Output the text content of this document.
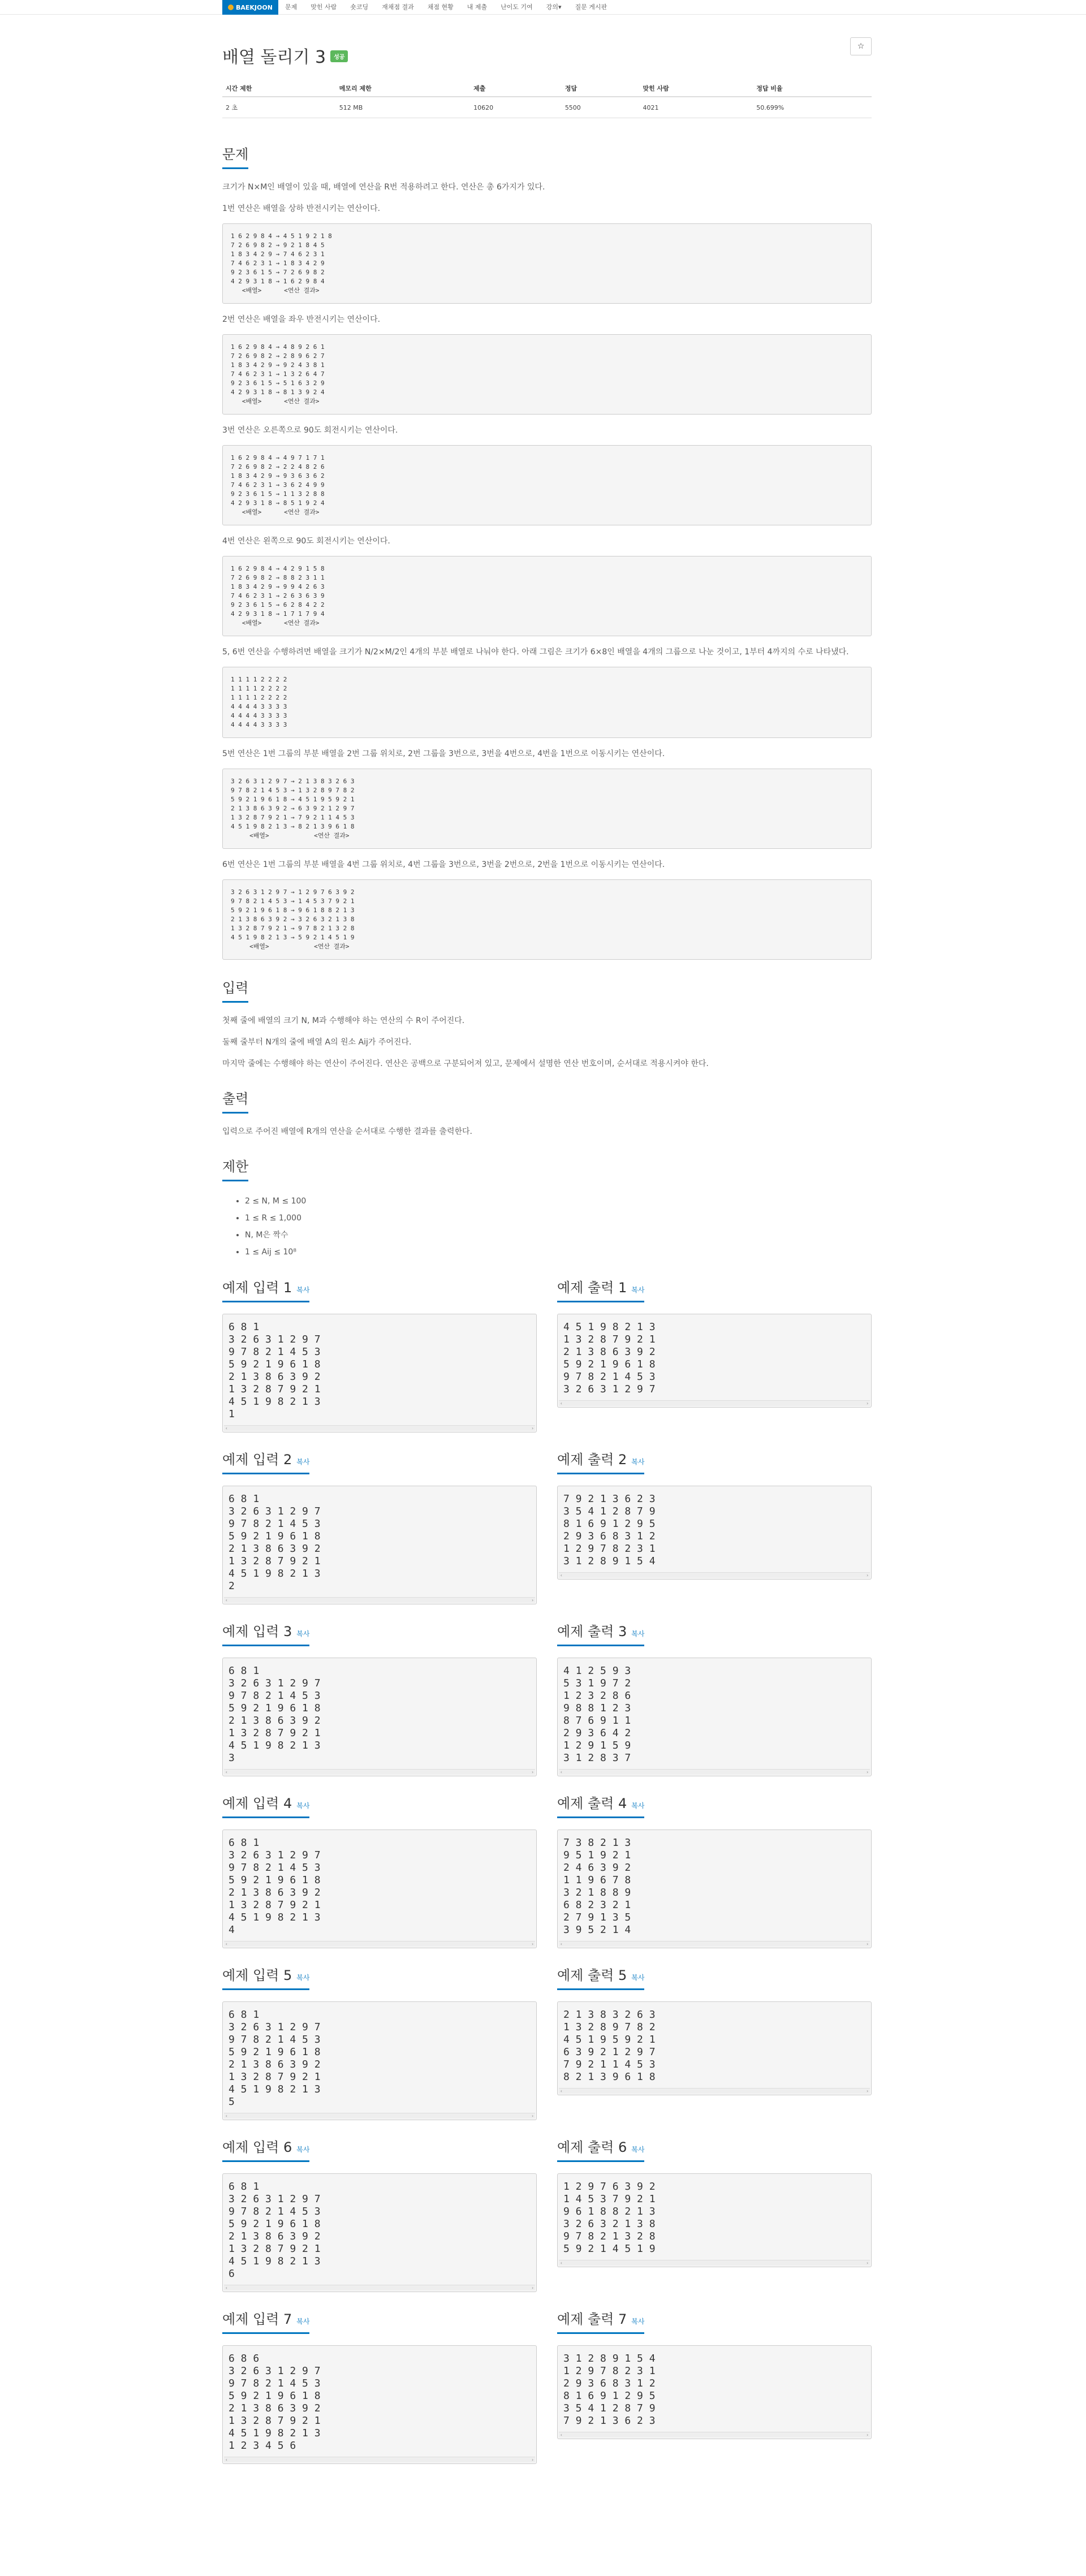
BAEKJOON	문제	맞힌 사람	숏코딩	재채점 결과	채점 현황	내 제출	난이도 기여	강의▾	질문 게시판
배열 돌리기 3 성공
☆
시간 제한	메모리 제한	제출	정답	맞힌 사람	정답 비율
2 초	512 MB	10620	5500	4021	50.699%
문제

크기가 N×M인 배열이 있을 때, 배열에 연산을 R번 적용하려고 한다. 연산은 총 6가지가 있다.

1번 연산은 배열을 상하 반전시키는 연산이다.

1 6 2 9 8 4 → 4 5 1 9 2 1 8
7 2 6 9 8 2 → 9 2 1 8 4 5
1 8 3 4 2 9 → 7 4 6 2 3 1
7 4 6 2 3 1 → 1 8 3 4 2 9
9 2 3 6 1 5 → 7 2 6 9 8 2
4 2 9 3 1 8 → 1 6 2 9 8 4
<배열>      <연산 결과>

2번 연산은 배열을 좌우 반전시키는 연산이다.

1 6 2 9 8 4 → 4 8 9 2 6 1
7 2 6 9 8 2 → 2 8 9 6 2 7
1 8 3 4 2 9 → 9 2 4 3 8 1
7 4 6 2 3 1 → 1 3 2 6 4 7
9 2 3 6 1 5 → 5 1 6 3 2 9
4 2 9 3 1 8 → 8 1 3 9 2 4
<배열>      <연산 결과>

3번 연산은 오른쪽으로 90도 회전시키는 연산이다.

1 6 2 9 8 4 → 4 9 7 1 7 1
7 2 6 9 8 2 → 2 2 4 8 2 6
1 8 3 4 2 9 → 9 3 6 3 6 2
7 4 6 2 3 1 → 3 6 2 4 9 9
9 2 3 6 1 5 → 1 1 3 2 8 8
4 2 9 3 1 8 → 8 5 1 9 2 4
<배열>      <연산 결과>

4번 연산은 왼쪽으로 90도 회전시키는 연산이다.

1 6 2 9 8 4 → 4 2 9 1 5 8
7 2 6 9 8 2 → 8 8 2 3 1 1
1 8 3 4 2 9 → 9 9 4 2 6 3
7 4 6 2 3 1 → 2 6 3 6 3 9
9 2 3 6 1 5 → 6 2 8 4 2 2
4 2 9 3 1 8 → 1 7 1 7 9 4
<배열>      <연산 결과>

5, 6번 연산을 수행하려면 배열을 크기가 N/2×M/2인 4개의 부분 배열로 나눠야 한다. 아래 그림은 크기가 6×8인 배열을 4개의 그룹으로 나눈 것이고, 1부터 4까지의 수로 나타냈다.

1 1 1 1 2 2 2 2
1 1 1 1 2 2 2 2
1 1 1 1 2 2 2 2
4 4 4 4 3 3 3 3
4 4 4 4 3 3 3 3
4 4 4 4 3 3 3 3

5번 연산은 1번 그룹의 부분 배열을 2번 그룹 위치로, 2번 그룹을 3번으로, 3번을 4번으로, 4번을 1번으로 이동시키는 연산이다.

3 2 6 3 1 2 9 7 → 2 1 3 8 3 2 6 3
9 7 8 2 1 4 5 3 → 1 3 2 8 9 7 8 2
5 9 2 1 9 6 1 8 → 4 5 1 9 5 9 2 1
2 1 3 8 6 3 9 2 → 6 3 9 2 1 2 9 7
1 3 2 8 7 9 2 1 → 7 9 2 1 1 4 5 3
4 5 1 9 8 2 1 3 → 8 2 1 3 9 6 1 8
<배열>            <연산 결과>

6번 연산은 1번 그룹의 부분 배열을 4번 그룹 위치로, 4번 그룹을 3번으로, 3번을 2번으로, 2번을 1번으로 이동시키는 연산이다.

3 2 6 3 1 2 9 7 → 1 2 9 7 6 3 9 2
9 7 8 2 1 4 5 3 → 1 4 5 3 7 9 2 1
5 9 2 1 9 6 1 8 → 9 6 1 8 8 2 1 3
2 1 3 8 6 3 9 2 → 3 2 6 3 2 1 3 8
1 3 2 8 7 9 2 1 → 9 7 8 2 1 3 2 8
4 5 1 9 8 2 1 3 → 5 9 2 1 4 5 1 9
<배열>            <연산 결과>
입력

첫째 줄에 배열의 크기 N, M과 수행해야 하는 연산의 수 R이 주어진다.

둘째 줄부터 N개의 줄에 배열 A의 원소 Aij가 주어진다.

마지막 줄에는 수행해야 하는 연산이 주어진다. 연산은 공백으로 구분되어져 있고, 문제에서 설명한 연산 번호이며, 순서대로 적용시켜야 한다.

출력

입력으로 주어진 배열에 R개의 연산을 순서대로 수행한 결과를 출력한다.

제한
• 2 ≤ N, M ≤ 100
• 1 ≤ R ≤ 1,000
• N, M은 짝수
• 1 ≤ Aij ≤ 10⁸
예제 입력 1 복사
6 8 1
3 2 6 3 1 2 9 7
9 7 8 2 1 4 5 3
5 9 2 1 9 6 1 8
2 1 3 8 6 3 9 2
1 3 2 8 7 9 2 1
4 5 1 9 8 2 1 3
1
‹	›
예제 출력 1 복사
4 5 1 9 8 2 1 3
1 3 2 8 7 9 2 1
2 1 3 8 6 3 9 2
5 9 2 1 9 6 1 8
9 7 8 2 1 4 5 3
3 2 6 3 1 2 9 7
‹	›
예제 입력 2 복사
6 8 1
3 2 6 3 1 2 9 7
9 7 8 2 1 4 5 3
5 9 2 1 9 6 1 8
2 1 3 8 6 3 9 2
1 3 2 8 7 9 2 1
4 5 1 9 8 2 1 3
2
‹	›
예제 출력 2 복사
7 9 2 1 3 6 2 3
3 5 4 1 2 8 7 9
8 1 6 9 1 2 9 5
2 9 3 6 8 3 1 2
1 2 9 7 8 2 3 1
3 1 2 8 9 1 5 4
‹	›
예제 입력 3 복사
6 8 1
3 2 6 3 1 2 9 7
9 7 8 2 1 4 5 3
5 9 2 1 9 6 1 8
2 1 3 8 6 3 9 2
1 3 2 8 7 9 2 1
4 5 1 9 8 2 1 3
3
‹	›
예제 출력 3 복사
4 1 2 5 9 3
5 3 1 9 7 2
1 2 3 2 8 6
9 8 8 1 2 3
8 7 6 9 1 1
2 9 3 6 4 2
1 2 9 1 5 9
3 1 2 8 3 7
‹	›
예제 입력 4 복사
6 8 1
3 2 6 3 1 2 9 7
9 7 8 2 1 4 5 3
5 9 2 1 9 6 1 8
2 1 3 8 6 3 9 2
1 3 2 8 7 9 2 1
4 5 1 9 8 2 1 3
4
‹	›
예제 출력 4 복사
7 3 8 2 1 3
9 5 1 9 2 1
2 4 6 3 9 2
1 1 9 6 7 8
3 2 1 8 8 9
6 8 2 3 2 1
2 7 9 1 3 5
3 9 5 2 1 4
‹	›
예제 입력 5 복사
6 8 1
3 2 6 3 1 2 9 7
9 7 8 2 1 4 5 3
5 9 2 1 9 6 1 8
2 1 3 8 6 3 9 2
1 3 2 8 7 9 2 1
4 5 1 9 8 2 1 3
5
‹	›
예제 출력 5 복사
2 1 3 8 3 2 6 3
1 3 2 8 9 7 8 2
4 5 1 9 5 9 2 1
6 3 9 2 1 2 9 7
7 9 2 1 1 4 5 3
8 2 1 3 9 6 1 8
‹	›
예제 입력 6 복사
6 8 1
3 2 6 3 1 2 9 7
9 7 8 2 1 4 5 3
5 9 2 1 9 6 1 8
2 1 3 8 6 3 9 2
1 3 2 8 7 9 2 1
4 5 1 9 8 2 1 3
6
‹	›
예제 출력 6 복사
1 2 9 7 6 3 9 2
1 4 5 3 7 9 2 1
9 6 1 8 8 2 1 3
3 2 6 3 2 1 3 8
9 7 8 2 1 3 2 8
5 9 2 1 4 5 1 9
‹	›
예제 입력 7 복사
6 8 6
3 2 6 3 1 2 9 7
9 7 8 2 1 4 5 3
5 9 2 1 9 6 1 8
2 1 3 8 6 3 9 2
1 3 2 8 7 9 2 1
4 5 1 9 8 2 1 3
1 2 3 4 5 6
‹	›
예제 출력 7 복사
3 1 2 8 9 1 5 4
1 2 9 7 8 2 3 1
2 9 3 6 8 3 1 2
8 1 6 9 1 2 9 5
3 5 4 1 2 8 7 9
7 9 2 1 3 6 2 3
‹	›
